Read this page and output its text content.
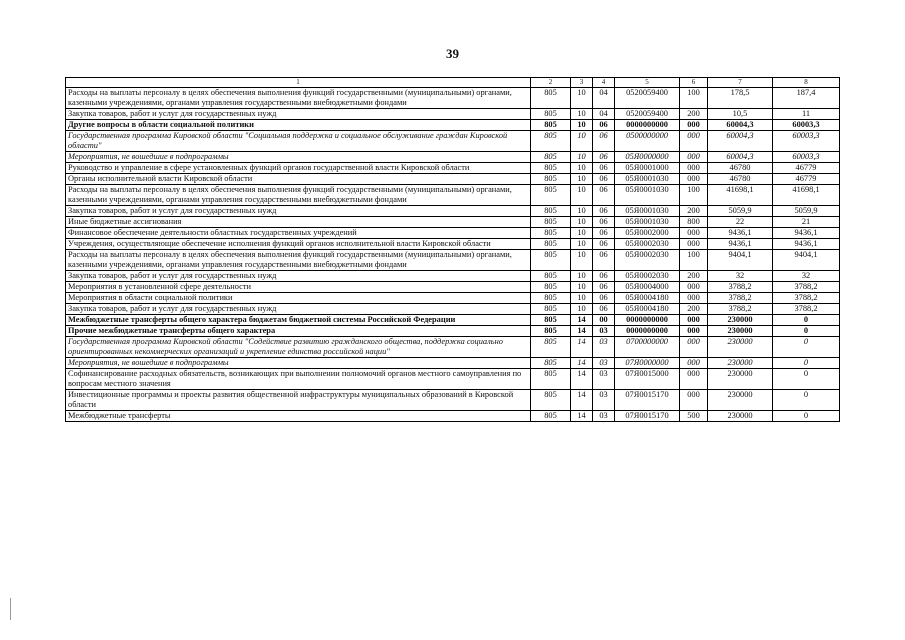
39
1	2	3	4	5	6	7	8
Расходы на выплаты персоналу в целях обеспечения выполнения функций государственными (муниципальными) органами, казенными учреждениями, органами управления государственными внебюджетными фондами	805	10	04	0520059400	100	178,5	187,4
Закупка товаров, работ и услуг для государственных нужд	805	10	04	0520059400	200	10,5	11
Другие вопросы в области социальной политики	805	10	06	0000000000	000	60004,3	60003,3
Государственная программа Кировской области "Социальная поддержка и социальное обслуживание граждан Кировской области"	805	10	06	0500000000	000	60004,3	60003,3
Мероприятия, не вошедшие в подпрограммы	805	10	06	05Я0000000	000	60004,3	60003,3
Руководство и управление в сфере установленных функций органов государственной власти Кировской области	805	10	06	05Я0001000	000	46780	46779
Органы исполнительной власти Кировской области	805	10	06	05Я0001030	000	46780	46779
Расходы на выплаты персоналу в целях обеспечения выполнения функций государственными (муниципальными) органами, казенными учреждениями, органами управления государственными внебюджетными фондами	805	10	06	05Я0001030	100	41698,1	41698,1
Закупка товаров, работ и услуг для государственных нужд	805	10	06	05Я0001030	200	5059,9	5059,9
Иные бюджетные ассигнования	805	10	06	05Я0001030	800	22	21
Финансовое обеспечение деятельности областных государственных учреждений	805	10	06	05Я0002000	000	9436,1	9436,1
Учреждения, осуществляющие обеспечение исполнения функций органов исполнительной власти Кировской области	805	10	06	05Я0002030	000	9436,1	9436,1
Расходы на выплаты персоналу в целях обеспечения выполнения функций государственными (муниципальными) органами, казенными учреждениями, органами управления государственными внебюджетными фондами	805	10	06	05Я0002030	100	9404,1	9404,1
Закупка товаров, работ и услуг для государственных нужд	805	10	06	05Я0002030	200	32	32
Мероприятия в установленной сфере деятельности	805	10	06	05Я0004000	000	3788,2	3788,2
Мероприятия в области социальной политики	805	10	06	05Я0004180	000	3788,2	3788,2
Закупка товаров, работ и услуг для государственных нужд	805	10	06	05Я0004180	200	3788,2	3788,2
Межбюджетные трансферты общего характера бюджетам бюджетной системы Российской Федерации	805	14	00	0000000000	000	230000	0
Прочие межбюджетные трансферты общего характера	805	14	03	0000000000	000	230000	0
Государственная программа Кировской области "Содействие развитию гражданского общества, поддержка социально ориентированных некоммерческих организаций и укрепление единства российской нации"	805	14	03	0700000000	000	230000	0
Мероприятия, не вошедшие в подпрограммы	805	14	03	07Я0000000	000	230000	0
Софинансирование расходных обязательств, возникающих при выполнении полномочий органов местного самоуправления по вопросам местного значения	805	14	03	07Я0015000	000	230000	0
Инвестиционные программы и проекты развития общественной инфраструктуры муниципальных образований в Кировской области	805	14	03	07Я0015170	000	230000	0
Межбюджетные трансферты	805	14	03	07Я0015170	500	230000	0
